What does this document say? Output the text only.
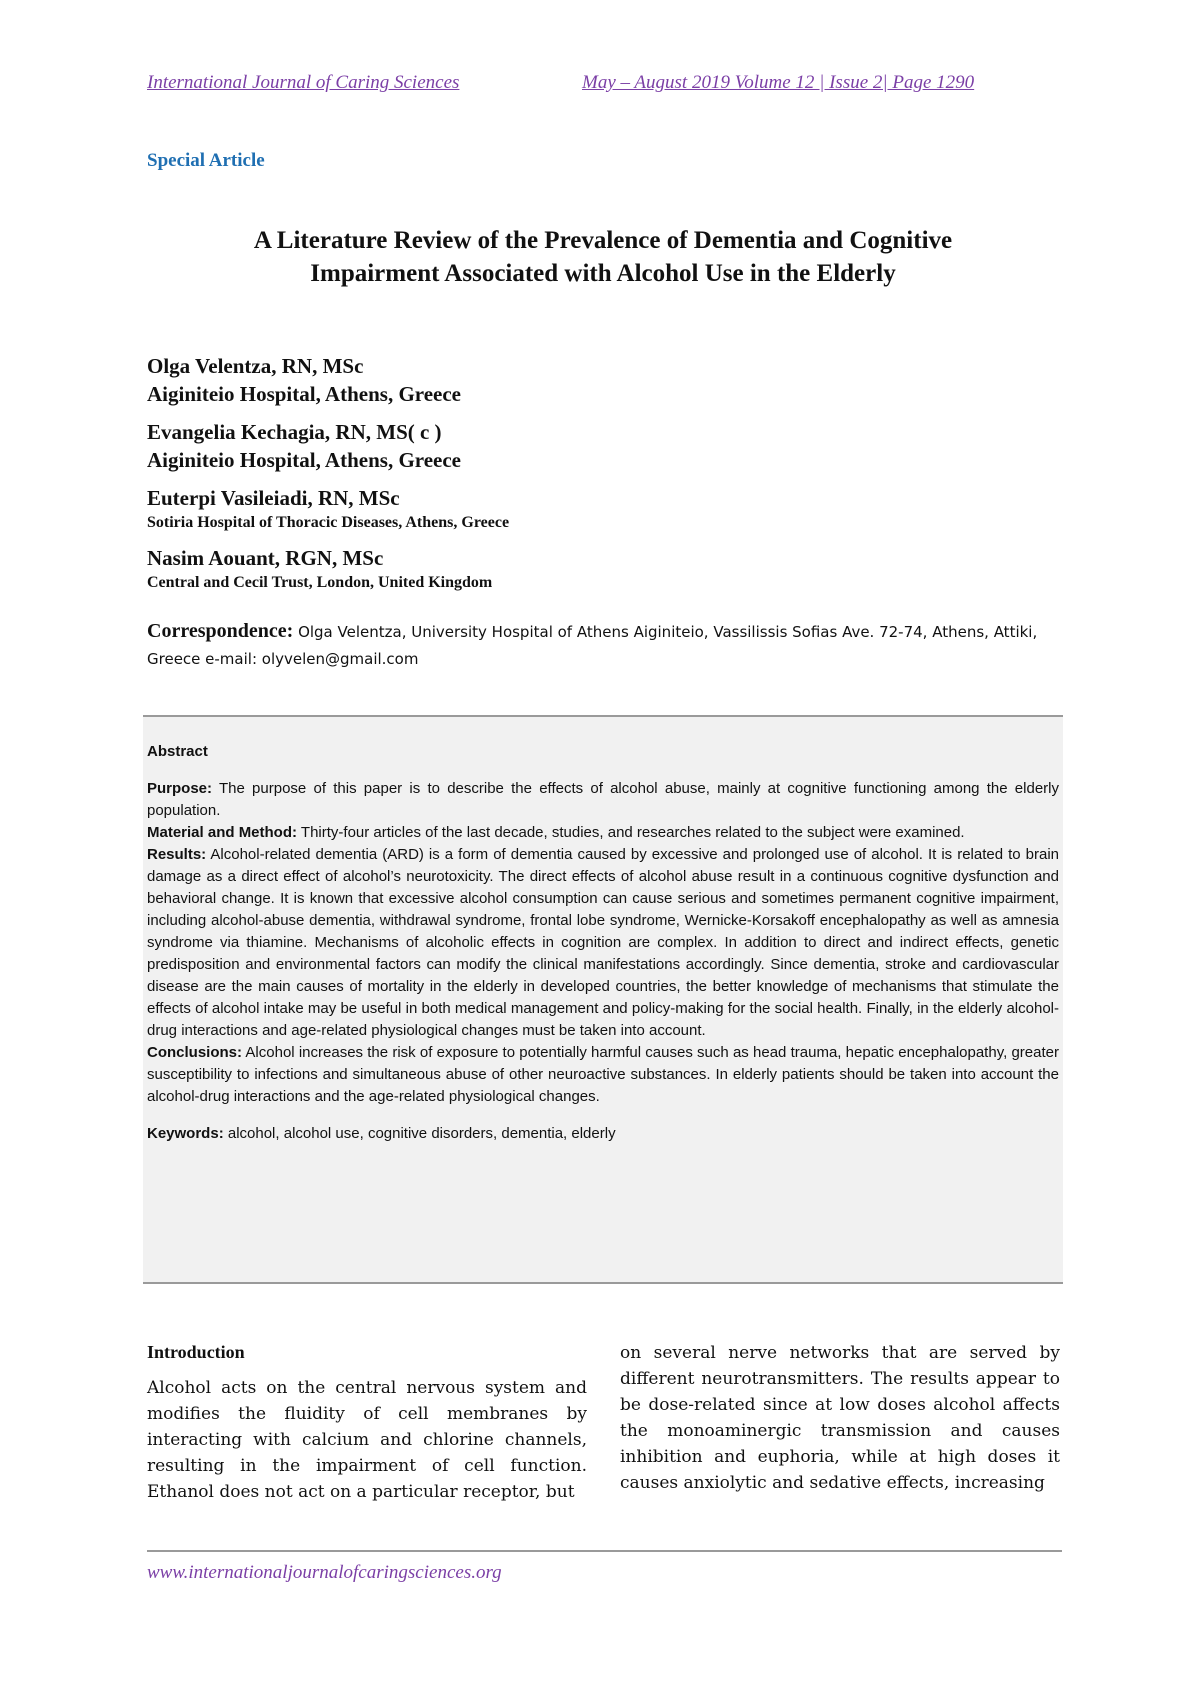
International Journal of Caring Sciences	May – August 2019 Volume 12 | Issue 2| Page 1290
Special Article
A Literature Review of the Prevalence of Dementia and Cognitive
Impairment Associated with Alcohol Use in the Elderly
Olga Velentza, RN, MSc
Aiginiteio Hospital, Athens, Greece
Evangelia Kechagia, RN, MS( c )
Aiginiteio Hospital, Athens, Greece
Euterpi Vasileiadi, RN, MSc
Sotiria Hospital of Thoracic Diseases, Athens, Greece
Nasim Aouant, RGN, MSc
Central and Cecil Trust, London, United Kingdom
Correspondence: Olga Velentza, University Hospital of Athens Aiginiteio, Vassilissis Sofias Ave. 72-74, Athens, Attiki, Greece e-mail: olyvelen@gmail.com
Abstract

Purpose: The purpose of this paper is to describe the effects of alcohol abuse, mainly at cognitive functioning among the elderly population.

Material and Method: Thirty-four articles of the last decade, studies, and researches related to the subject were examined.

Results: Alcohol-related dementia (ARD) is a form of dementia caused by excessive and prolonged use of alcohol. It is related to brain damage as a direct effect of alcohol’s neurotoxicity. The direct effects of alcohol abuse result in a continuous cognitive dysfunction and behavioral change. It is known that excessive alcohol consumption can cause serious and sometimes permanent cognitive impairment, including alcohol-abuse dementia, withdrawal syndrome, frontal lobe syndrome, Wernicke-Korsakoff encephalopathy as well as amnesia syndrome via thiamine. Mechanisms of alcoholic effects in cognition are complex. In addition to direct and indirect effects, genetic predisposition and environmental factors can modify the clinical manifestations accordingly. Since dementia, stroke and cardiovascular disease are the main causes of mortality in the elderly in developed countries, the better knowledge of mechanisms that stimulate the effects of alcohol intake may be useful in both medical management and policy-making for the social health. Finally, in the elderly alcohol-drug interactions and age-related physiological changes must be taken into account.

Conclusions: Alcohol increases the risk of exposure to potentially harmful causes such as head trauma, hepatic encephalopathy, greater susceptibility to infections and simultaneous abuse of other neuroactive substances. In elderly patients should be taken into account the alcohol-drug interactions and the age-related physiological changes.

Keywords: alcohol, alcohol use, cognitive disorders, dementia, elderly

Introduction

Alcohol acts on the central nervous system and modifies the fluidity of cell membranes by interacting with calcium and chlorine channels, resulting in the impairment of cell function. Ethanol does not act on a particular receptor, but

on several nerve networks that are served by different neurotransmitters. The results appear to be dose-related since at low doses alcohol affects the monoaminergic transmission and causes inhibition and euphoria, while at high doses it causes anxiolytic and sedative effects, increasing

www.internationaljournalofcaringsciences.org
